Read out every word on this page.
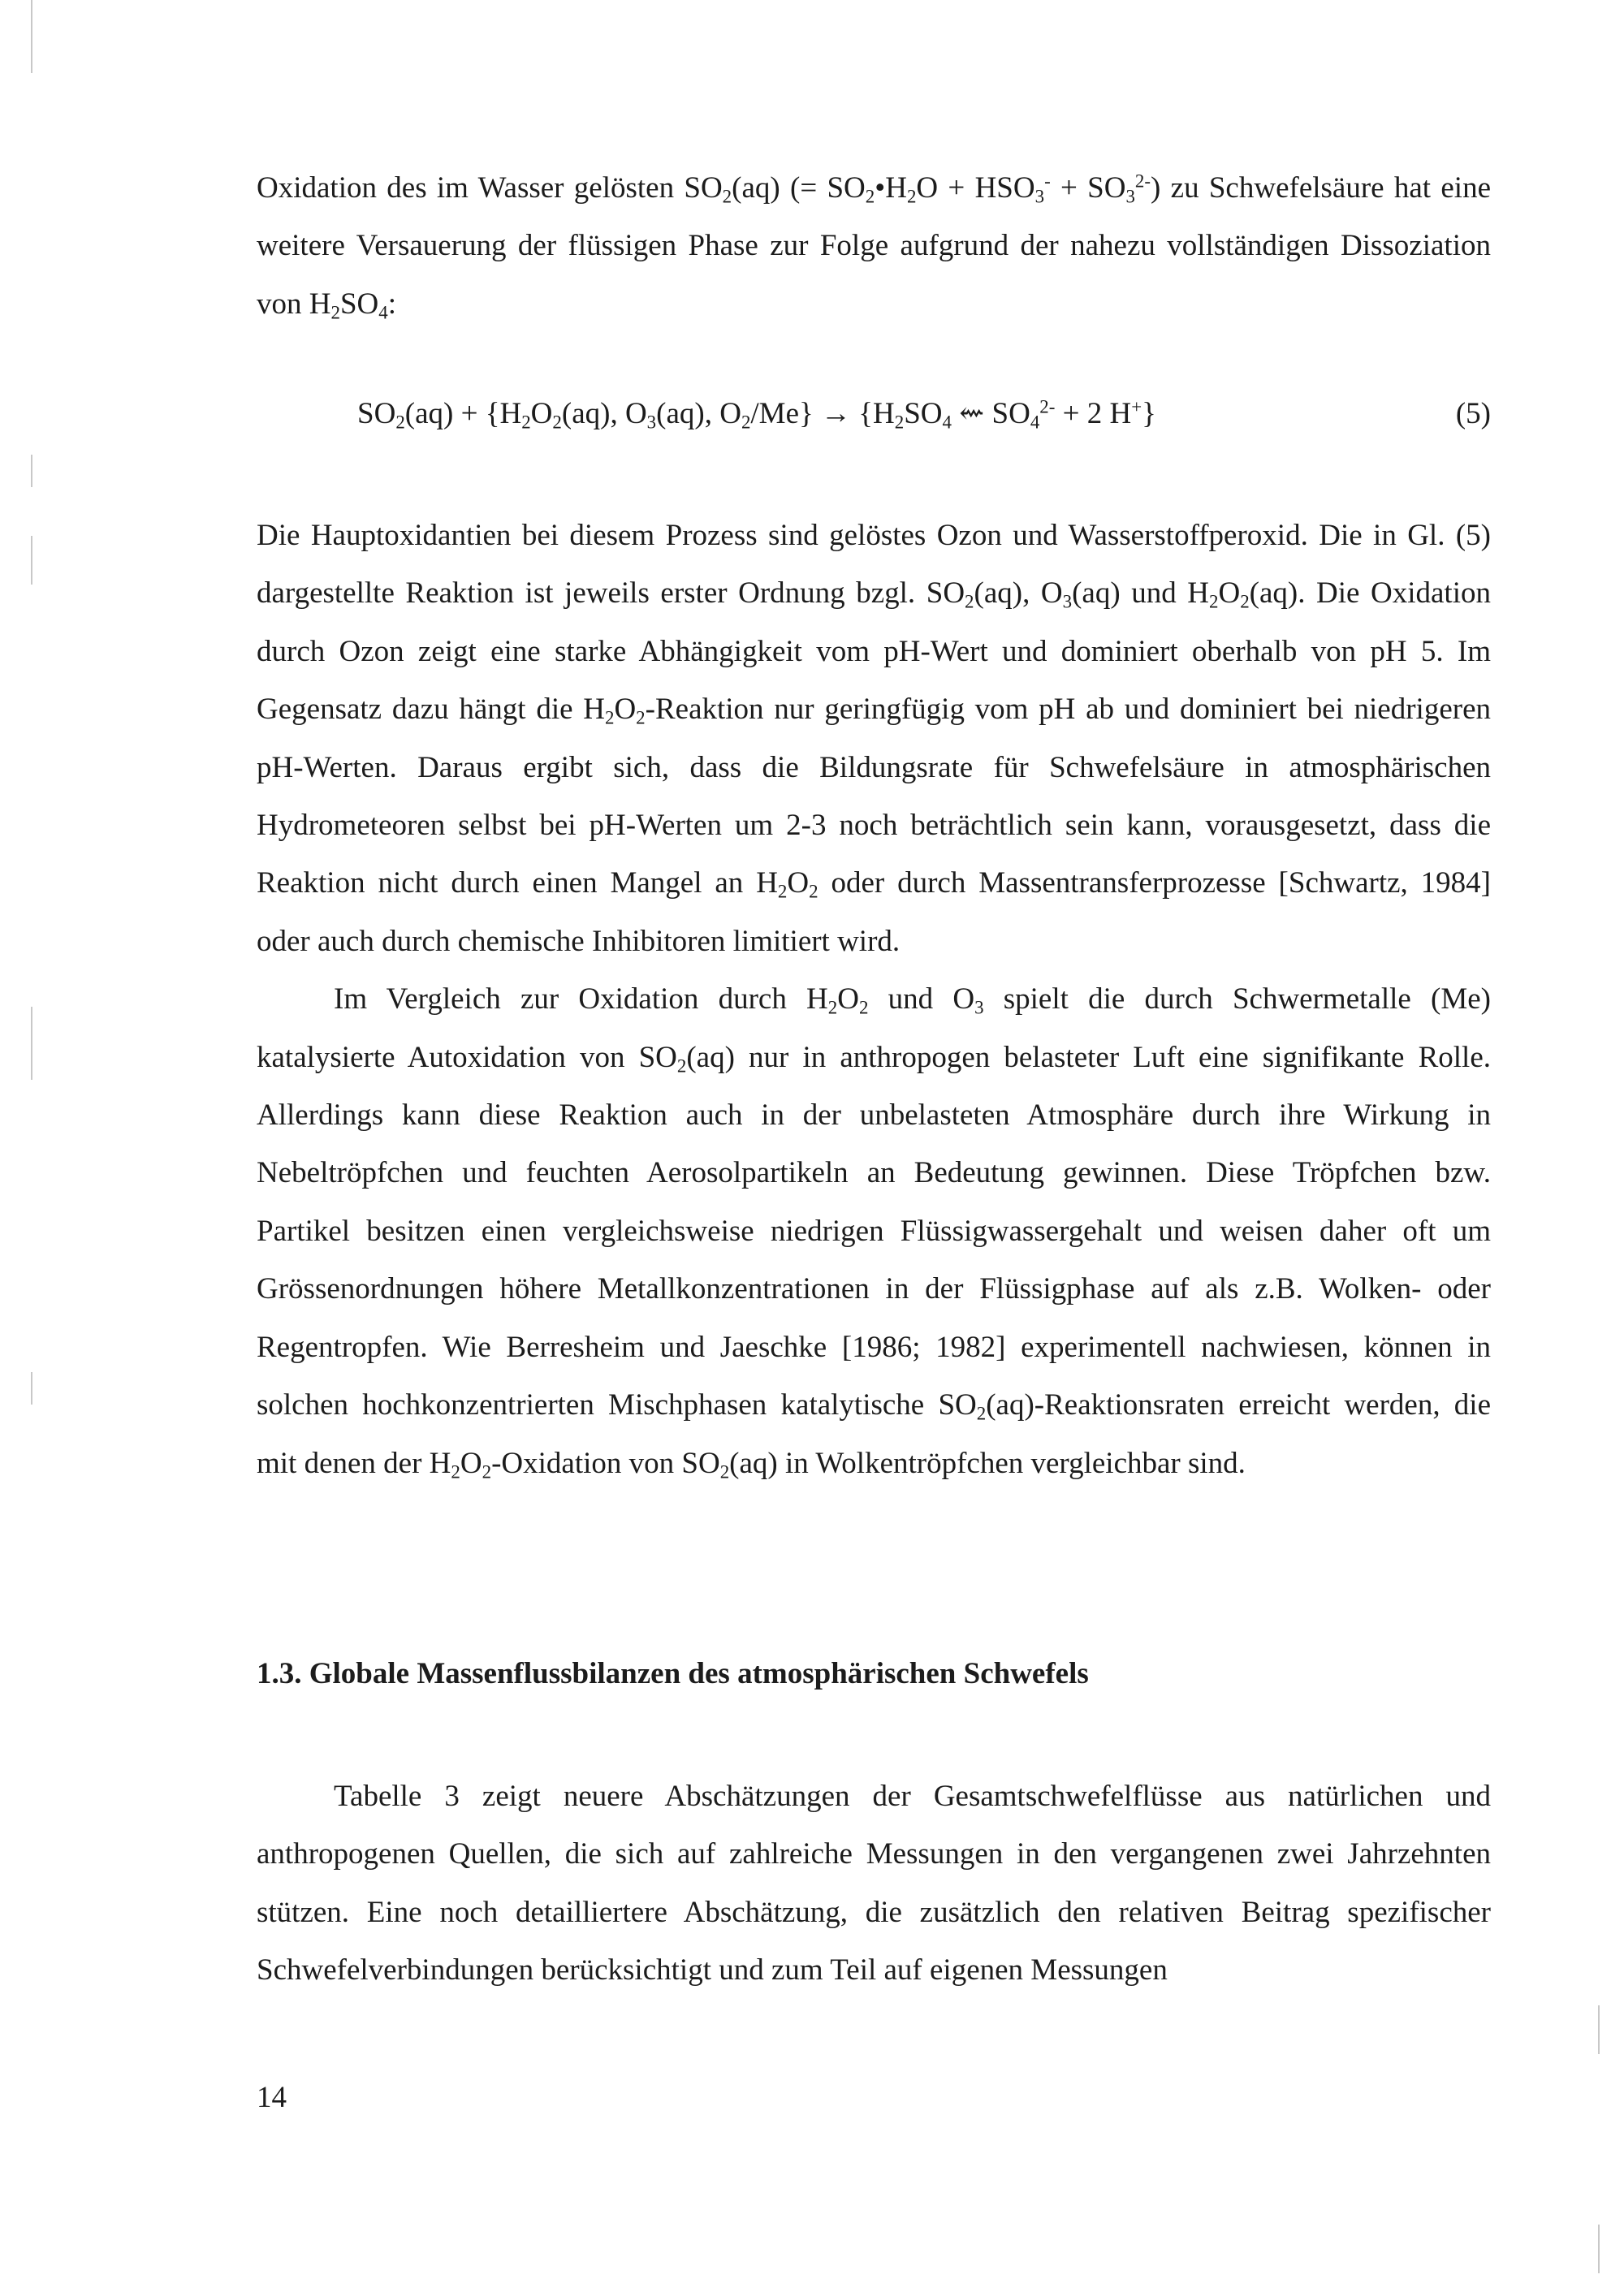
Oxidation des im Wasser gelösten $SO_2(aq)$ (= $SO_2•H_2O + HSO_3^- + SO_3^{2-}$) zu Schwefelsäure hat eine weitere Versauerung der flüssigen Phase zur Folge aufgrund der nahezu vollständigen Dissoziation von $H_2SO_4$:

$SO_2(aq) + \{H_2O_2(aq)$, $O_3(aq)$, $O_2/Me\} \to \{H_2SO_4$ ⇜ $SO_4^{2-} + 2$ H+}	(5)

Die Hauptoxidantien bei diesem Prozess sind gelöstes Ozon und Wasserstoffperoxid. Die in Gl. (5) dargestellte Reaktion ist jeweils erster Ordnung bzgl. $SO_2(aq)$, $O_3(aq)$ und $H_2O_2(aq)$. Die Oxidation durch Ozon zeigt eine starke Abhängigkeit vom pH-Wert und dominiert oberhalb von pH 5. Im Gegensatz dazu hängt die $H_2O_2$-Reaktion nur geringfügig vom pH ab und dominiert bei niedrigeren pH-Werten. Daraus ergibt sich, dass die Bildungsrate für Schwefelsäure in atmosphärischen Hydrometeoren selbst bei pH-Werten um 2-3 noch beträchtlich sein kann, vorausgesetzt, dass die Reaktion nicht durch einen Mangel an $H_2O_2$ oder durch Massentransferprozesse [Schwartz, 1984] oder auch durch chemische Inhibitoren limitiert wird.

Im Vergleich zur Oxidation durch $H_2O_2$ und $O_3$ spielt die durch Schwermetalle (Me) katalysierte Autoxidation von $SO_2(aq)$ nur in anthropogen belasteter Luft eine signifikante Rolle. Allerdings kann diese Reaktion auch in der unbelasteten Atmosphäre durch ihre Wirkung in Nebeltröpfchen und feuchten Aerosolpartikeln an Bedeutung gewinnen. Diese Tröpfchen bzw. Partikel besitzen einen vergleichsweise niedrigen Flüssigwassergehalt und weisen daher oft um Grössenordnungen höhere Metallkonzentrationen in der Flüssigphase auf als z.B. Wolken- oder Regentropfen. Wie Berresheim und Jaeschke [1986; 1982] experimentell nachwiesen, können in solchen hochkonzentrierten Mischphasen katalytische $SO_2(aq)$-Reaktionsraten erreicht werden, die mit denen der $H_2O_2$-Oxidation von $SO_2(aq)$ in Wolkentröpfchen vergleichbar sind.

1.3. Globale Massenflussbilanzen des atmosphärischen Schwefels

Tabelle 3 zeigt neuere Abschätzungen der Gesamtschwefelflüsse aus natürlichen und anthropogenen Quellen, die sich auf zahlreiche Messungen in den vergangenen zwei Jahrzehnten stützen. Eine noch detailliertere Abschätzung, die zusätzlich den relativen Beitrag spezifischer Schwefelverbindungen berücksichtigt und zum Teil auf eigenen Messungen

14
